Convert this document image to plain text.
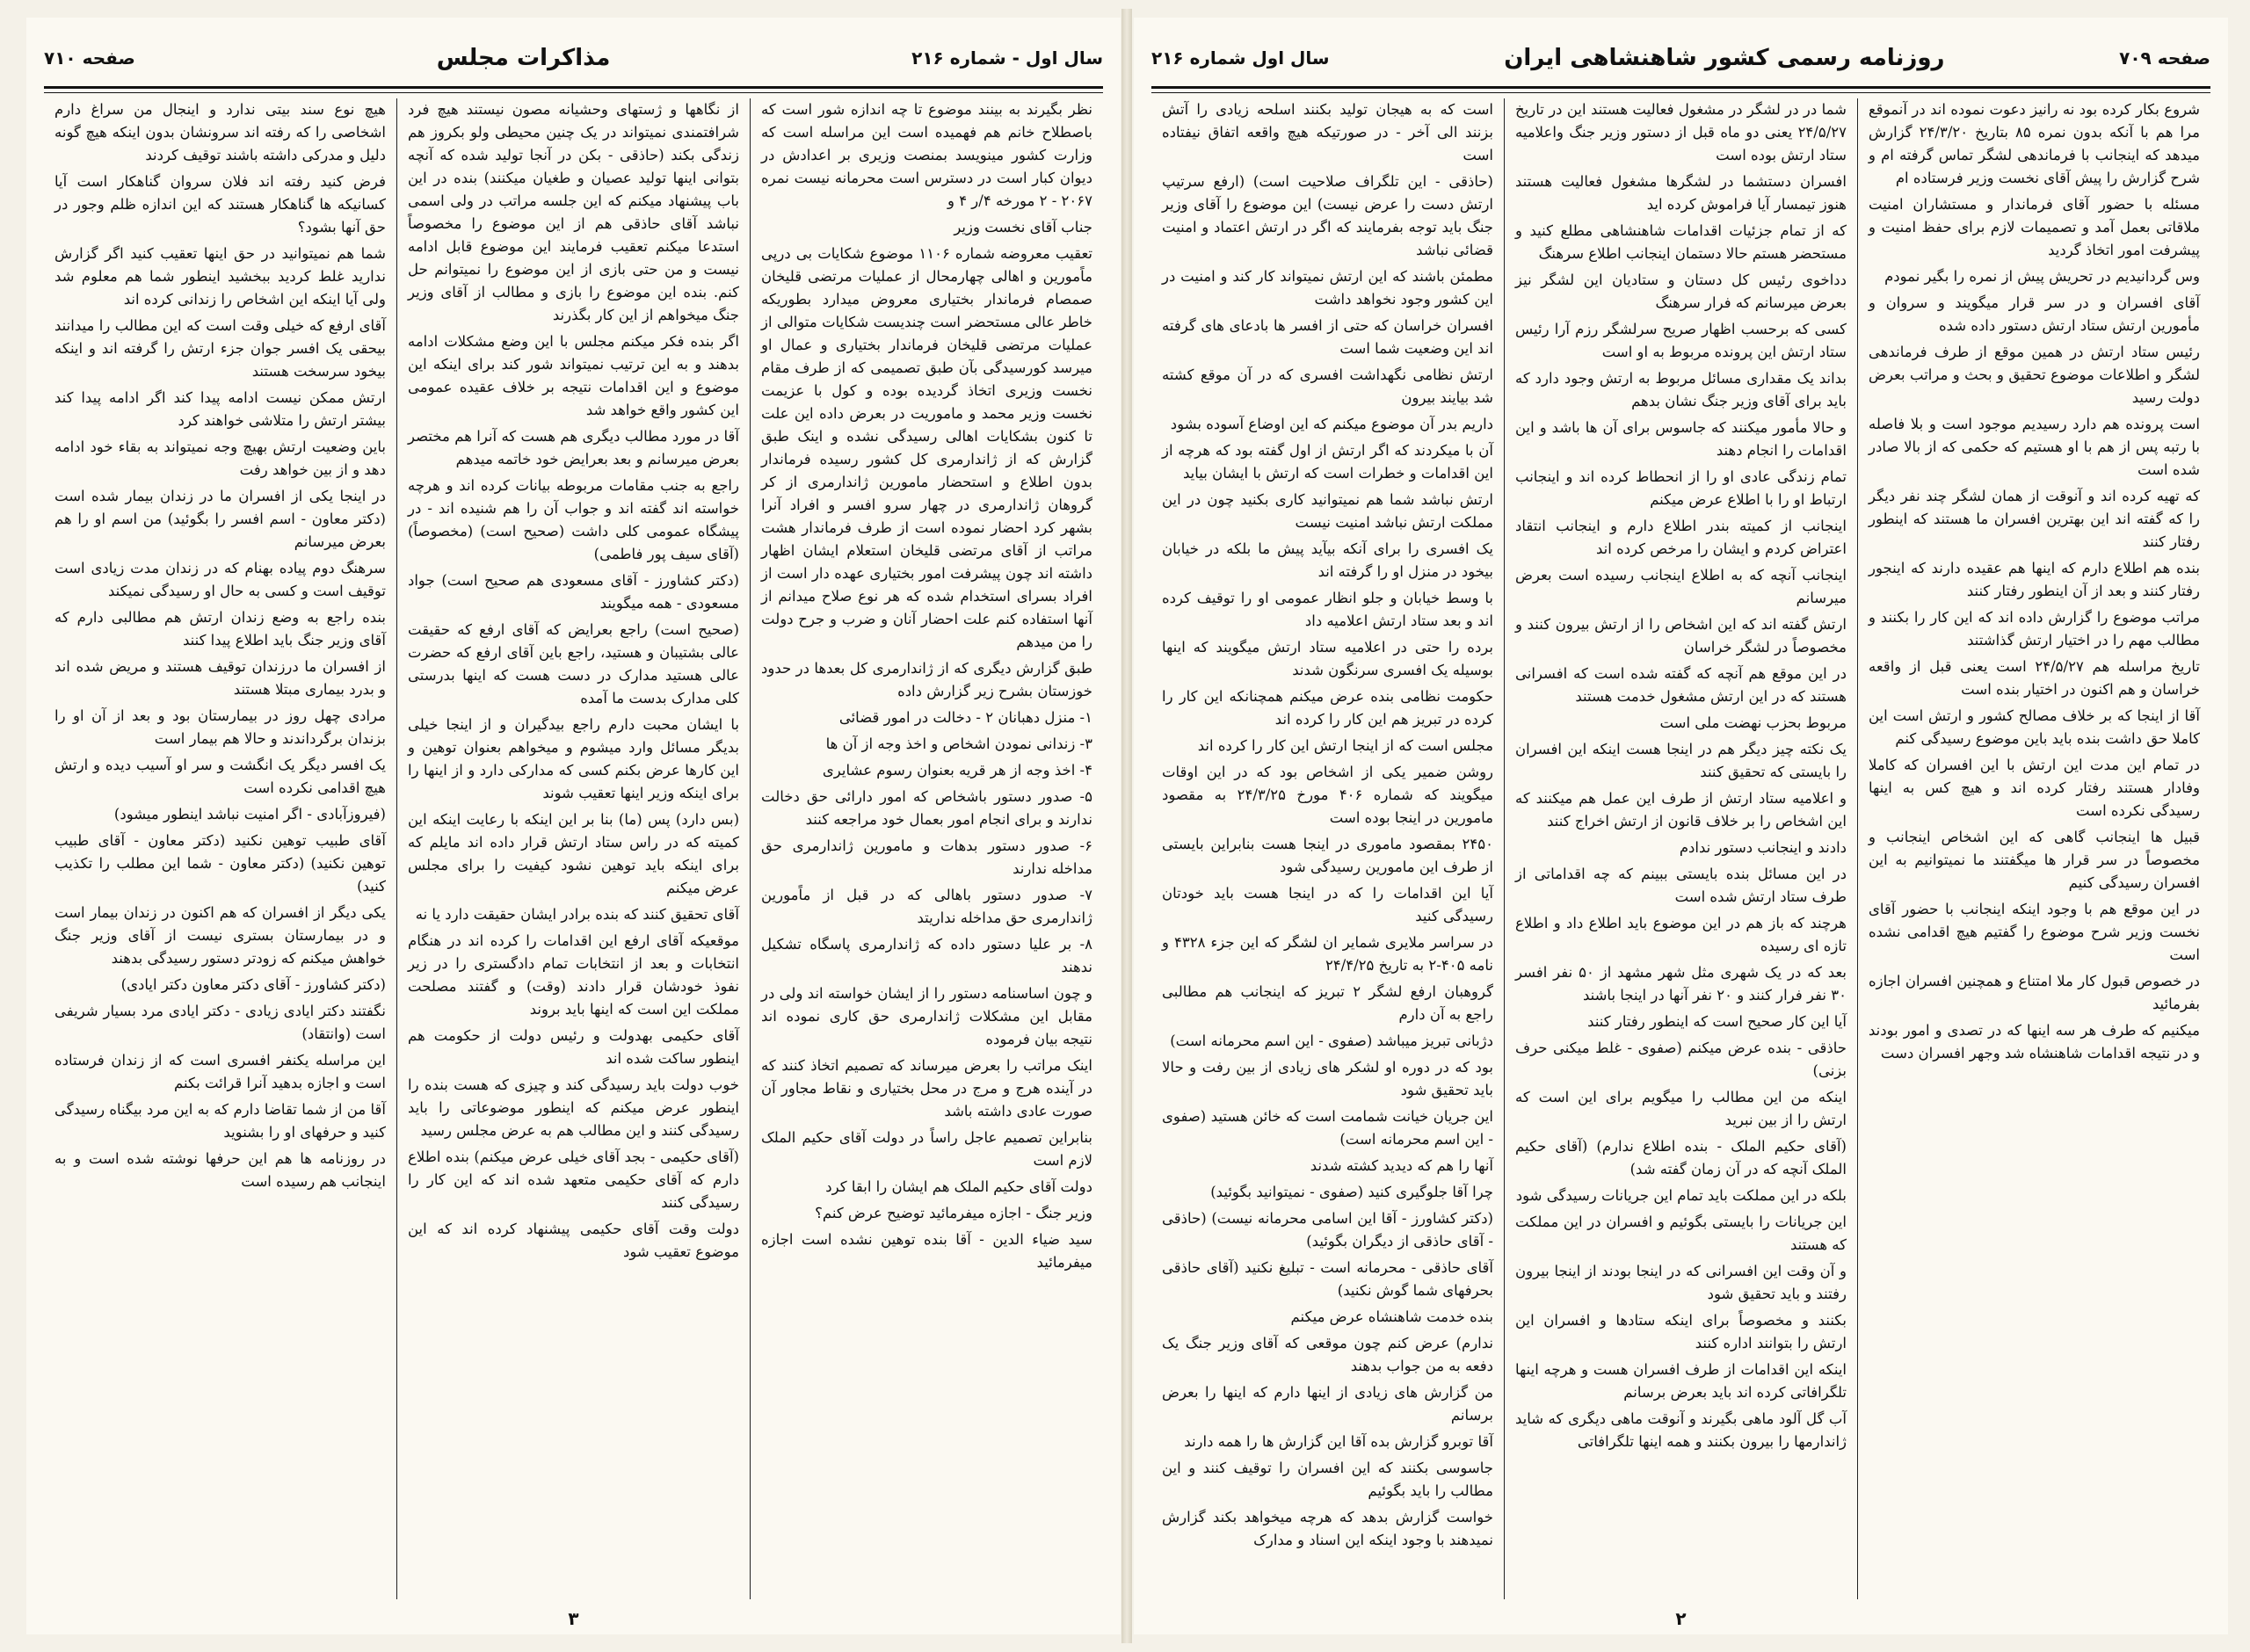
سال اول - شماره ۲۱۶
مذاکرات مجلس
صفحه ۷۱۰

نظر بگیرند به بینند موضوع تا چه اندازه شور است که باصطلاح خانم هم فهمیده است این مراسله است که وزارت کشور مینویسد بمنصت وزیری بر اعدادش در دیوان کبار است در دسترس است محرمانه نیست نمره ۲۰۶۷ - ۲ مورخه ۴/ر ۴ و

جناب آقای نخست وزیر

تعقیب معروضه شماره ۱۱۰۶ موضوع شکایات بی درپی ماًمورین و اهالی چهارمحال از عملیات مرتضی قلیخان صمصام فرماندار بختیاری معروض میدارد بطوریکه خاطر عالی مستحضر است چندیست شکایات متوالی از عملیات مرتضی قلیخان فرماندار بختیاری و عمال او میرسد کورسیدگی بآن طبق تصمیمی که از طرف مقام نخست وزیری اتخاذ گردیده بوده و کول با عزیمت نخست وزیر محمد و ماموریت در بعرض داده این علت تا کنون بشکایات اهالی رسیدگی نشده و اینک طبق گزارش که از ژاندارمری کل کشور رسیده فرماندار بدون اطلاع و استحضار مامورین ژاندارمری از کر گروهان ژاندارمری در چهار سرو افسر و افراد آنرا بشهر کرد احضار نموده است از طرف فرماندار هشت مراتب از آقای مرتضی قلیخان استعلام ایشان اظهار داشته اند چون پیشرفت امور بختیاری عهده دار است از افراد بسرای استخدام شده که هر نوع صلاح میدانم از آنها استفاده کنم علت احضار آنان و ضرب و جرح دولت را من میدهم

طبق گزارش دیگری که از ژاندارمری کل بعدها در حدود خوزستان بشرح زیر گزارش داده

۱- منزل دهبانان ۲ - دخالت در امور قضائی

۳- زندانی نمودن اشخاص و اخذ وجه از آن ها

۴- اخذ وجه از هر قریه بعنوان رسوم عشایری

۵- صدور دستور باشخاص که امور دارائی حق دخالت ندارند و برای انجام امور بعمال خود مراجعه کنند

۶- صدور دستور بدهات و مامورین ژاندارمری حق مداخله ندارند

۷- صدور دستور باهالی که در قبل از ماًمورین ژاندارمری حق مداخله نداریتد

۸- بر علیا دستور داده که ژاندارمری پاسگاه تشکیل ندهند

و چون اساسنامه دستور را از ایشان خواسته اند ولی در مقابل این مشکلات ژاندارمری حق کاری نموده اند نتیجه بیان فرموده

اینک مراتب را بعرض میرساند که تصمیم اتخاذ کنند که در آینده هرج و مرج در محل بختیاری و نقاط مجاور آن صورت عادی داشته باشد

بنابراین تصمیم عاجل راساً در دولت آقای حکیم الملک لازم است

دولت آقای حکیم الملک هم ایشان را ابقا کرد

وزیر جنگ - اجازه میفرمائید توضیح عرض کنم؟

سید ضیاء الدین - آقا بنده توهین نشده است اجازه میفرمائید

از نگاهها و ژستهای وحشیانه مصون نیستند هیچ فرد شرافتمندی نمیتواند در یک چنین محیطی ولو بکروز هم زندگی بکند (حاذقی - بکن در آنجا تولید شده که آنچه بتوانی اینها تولید عصیان و طغیان میکنند) بنده در این باب پیشنهاد میکنم که این جلسه مراتب در ولی اسمی نباشد آقای حاذقی هم از این موضوع را مخصوصاً استدعا میکنم تعقیب فرمایند این موضوع قابل ادامه نیست و من حتی بازی از این موضوع را نمیتوانم حل کنم. بنده این موضوع را بازی و مطالب از آقای وزیر جنگ میخواهم از این کار بگذرند

اگر بنده فکر میکنم مجلس با این وضع مشکلات ادامه بدهند و به این ترتیب نمیتواند شور کند برای اینکه این موضوع و این اقدامات نتیجه بر خلاف عقیده عمومی این کشور واقع خواهد شد

آقا در مورد مطالب دیگری هم هست که آنرا هم مختصر بعرض میرسانم و بعد بعرایض خود خاتمه میدهم

راجع به جنب مقامات مربوطه بیانات کرده اند و هرچه خواسته اند گفته اند و جواب آن را هم شنیده اند - در پیشگاه عمومی کلی داشت (صحیح است) (مخصوصاً) (آقای سیف پور فاطمی)

(دکتر کشاورز - آقای مسعودی هم صحیح است) جواد مسعودی - همه میگویند

(صحیح است) راجع بعرایض که آقای ارفع که حقیقت عالی بشتیبان و هستید، راجع باین آقای ارفع که حضرت عالی هستید مدارک در دست هست که اینها بدرستی کلی مدارک بدست ما آمده

با ایشان محبت دارم راجع بیدگیران و از اینجا خیلی بدیگر مسائل وارد میشوم و میخواهم بعنوان توهین و این کارها عرض بکنم کسی که مدارکی دارد و از اینها را برای اینکه وزیر اینها تعقیب شوند

(بس دارد) پس (ما) بنا بر این اینکه با رعایت اینکه این کمیته که در راس ستاد ارتش قرار داده اند مایلم که برای اینکه باید توهین نشود کیفیت را برای مجلس عرض میکنم

آقای تحقیق کنند که بنده برادر ایشان حقیقت دارد یا نه

موقعیکه آقای ارفع این اقدامات را کرده اند در هنگام انتخابات و بعد از انتخابات تمام دادگستری را در زیر نفوذ خودشان قرار دادند (وقت) و گفتند مصلحت مملکت این است که اینها باید بروند

آقای حکیمی بهدولت و رئیس دولت از حکومت هم اینطور ساکت شده اند

خوب دولت باید رسیدگی کند و چیزی که هست بنده را اینطور عرض میکنم که اینطور موضوعاتی را باید رسیدگی کنند و این مطالب هم به عرض مجلس رسید

(آقای حکیمی - بجد آقای خیلی عرض میکنم) بنده اطلاع دارم که آقای حکیمی متعهد شده اند که این کار را رسیدگی کنند

دولت وقت آقای حکیمی پیشنهاد کرده اند که این موضوع تعقیب شود

هیچ نوع سند بیتی ندارد و اینجال من سراغ دارم اشخاصی را که رفته اند سرونشان بدون اینکه هیچ گونه دلیل و مدرکی داشته باشند توقیف کردند

فرض کنید رفته اند فلان سروان گناهکار است آیا کسانیکه ها گناهکار هستند که این اندازه ظلم وجور در حق آنها بشود؟

شما هم نمیتوانید در حق اینها تعقیب کنید اگر گزارش ندارید غلط کردید ببخشید اینطور شما هم معلوم شد ولی آیا اینکه این اشخاص را زندانی کرده اند

آقای ارفع که خیلی وقت است که این مطالب را میدانند بیحقی یک افسر جوان جزء ارتش را گرفته اند و اینکه بیخود سرسخت هستند

ارتش ممکن نیست ادامه پیدا کند اگر ادامه پیدا کند بیشتر ارتش را متلاشی خواهند کرد

باین وضعیت ارتش بهیچ وجه نمیتواند به بقاء خود ادامه دهد و از بین خواهد رفت

در اینجا یکی از افسران ما در زندان بیمار شده است (دکتر معاون - اسم افسر را بگوئید) من اسم او را هم بعرض میرسانم

سرهنگ دوم پیاده بهنام که در زندان مدت زیادی است توقیف است و کسی به حال او رسیدگی نمیکند

بنده راجع به وضع زندان ارتش هم مطالبی دارم که آقای وزیر جنگ باید اطلاع پیدا کنند

از افسران ما درزندان توقیف هستند و مریض شده اند و بدرد بیماری مبتلا هستند

مرادی چهل روز در بیمارستان بود و بعد از آن او را بزندان برگرداندند و حالا هم بیمار است

یک افسر دیگر یک انگشت و سر او آسیب دیده و ارتش هیچ اقدامی نکرده است

(فیروزآبادی - اگر امنیت نباشد اینطور میشود)

آقای طبیب توهین نکنید (دکتر معاون - آقای طبیب توهین نکنید) (دکتر معاون - شما این مطلب را تکذیب کنید)

یکی دیگر از افسران که هم اکنون در زندان بیمار است و در بیمارستان بستری نیست از آقای وزیر جنگ خواهش میکنم که زودتر دستور رسیدگی بدهند

(دکتر کشاورز - آقای دکتر معاون دکتر ایادی)

نگفتند دکتر ایادی زیادی - دکتر ایادی مرد بسیار شریفی است (وانتقاد)

این مراسله یکنفر افسری است که از زندان فرستاده است و اجازه بدهید آنرا قرائت بکنم

آقا من از شما تقاضا دارم که به این مرد بیگناه رسیدگی کنید و حرفهای او را بشنوید

در روزنامه ها هم این حرفها نوشته شده است و به اینجانب هم رسیده است

۳
صفحه ۷۰۹
روزنامه رسمی کشور شاهنشاهی ایران
سال اول شماره ۲۱۶

شروع بکار کرده بود نه رانیز دعوت نموده اند در آنموقع مرا هم با آنکه بدون نمره ۸۵ بتاریخ ۲۴/۳/۲۰ گزارش میدهد که اینجانب با فرماندهی لشگر تماس گرفته ام و شرح گزارش را پیش آقای نخست وزیر فرستاده ام

مسئله با حضور آقای فرماندار و مستشاران امنیت ملاقاتی بعمل آمد و تصمیمات لازم برای حفظ امنیت و پیشرفت امور اتخاذ گردید

وس گردانیدیم در تحریش پیش از نمره را بگیر نمودم

آقای افسران و در سر قرار میگویند و سروان و مأمورین ارتش ستاد ارتش دستور داده شده

رئیس ستاد ارتش در همین موقع از طرف فرماندهی لشگر و اطلاعات موضوع تحقیق و بحث و مراتب بعرض دولت رسید

است پرونده هم دارد رسیدیم موجود است و بلا فاصله با رتبه پس از هم با او هستیم که حکمی که از بالا صادر شده است

که تهیه کرده اند و آنوقت از همان لشگر چند نفر دیگر را که گفته اند این بهترین افسران ما هستند که اینطور رفتار کنند

بنده هم اطلاع دارم که اینها هم عقیده دارند که اینجور رفتار کنند و بعد از آن اینطور رفتار کنند

مراتب موضوع را گزارش داده اند که این کار را بکنند و مطالب مهم را در اختیار ارتش گذاشتند

تاریخ مراسله هم ۲۴/۵/۲۷ است یعنی قبل از واقعه خراسان و هم اکنون در اختیار بنده است

آقا از اینجا که بر خلاف مصالح کشور و ارتش است این کاملا حق داشت بنده باید باین موضوع رسیدگی کنم

در تمام این مدت این ارتش با این افسران که کاملا وفادار هستند رفتار کرده اند و هیچ کس به اینها رسیدگی نکرده است

قبیل ها اینجانب گاهی که این اشخاص اینجانب و مخصوصاً در سر قرار ها میگفتند ما نمیتوانیم به این افسران رسیدگی کنیم

در این موقع هم با وجود اینکه اینجانب با حضور آقای نخست وزیر شرح موضوع را گفتیم هیچ اقدامی نشده است

در خصوص قبول کار ملا امتناع و همچنین افسران اجازه بفرمائید

میکنیم که طرف هر سه اینها که در تصدی و امور بودند و در نتیجه اقدامات شاهنشاه شد وجهر افسران دست

شما در در لشگر در مشغول فعالیت هستند این در تاریخ ۲۴/۵/۲۷ یعنی دو ماه قبل از دستور وزیر جنگ واعلامیه ستاد ارتش بوده است

افسران دستشما در لشگرها مشغول فعالیت هستند هنوز تیمسار آیا فراموش کرده اید

که از تمام جزئیات اقدامات شاهنشاهی مطلع کنید و مستحضر هستم حالا دستمان اینجانب اطلاع سرهنگ

دداخوی رئیس کل دستان و ستادیان این لشگر نیز بعرض میرسانم که فرار سرهنگ

کسی که برحسب اظهار صریح سرلشگر رزم آرا رئیس ستاد ارتش این پرونده مربوط به او است

بداند یک مقداری مسائل مربوط به ارتش وجود دارد که باید برای آقای وزیر جنگ نشان بدهم

و حالا مأمور میکنند که جاسوس برای آن ها باشد و این اقدامات را انجام دهند

تمام زندگی عادی او را از انحطاط کرده اند و اینجانب ارتباط او را با اطلاع عرض میکنم

اینجانب از کمیته بندر اطلاع دارم و اینجانب انتقاد اعتراض کردم و ایشان را مرخص کرده اند

اینجانب آنچه که به اطلاع اینجانب رسیده است بعرض میرسانم

ارتش گفته اند که این اشخاص را از ارتش بیرون کنند و مخصوصاً در لشگر خراسان

در این موقع هم آنچه که گفته شده است که افسرانی هستند که در این ارتش مشغول خدمت هستند

مربوط بحزب نهضت ملی است

یک نکته چیز دیگر هم در اینجا هست اینکه این افسران را بایستی که تحقیق کنند

و اعلامیه ستاد ارتش از طرف این عمل هم میکنند که این اشخاص را بر خلاف قانون از ارتش اخراج کنند

دادند و اینجانب دستور ندادم

در این مسائل بنده بایستی ببینم که چه اقداماتی از طرف ستاد ارتش شده است

هرچند که باز هم در این موضوع باید اطلاع داد و اطلاع تازه ای رسیده

بعد که در یک شهری مثل شهر مشهد از ۵۰ نفر افسر ۳۰ نفر فرار کنند و ۲۰ نفر آنها در اینجا باشند

آیا این کار صحیح است که اینطور رفتار کنند

حاذقی - بنده عرض میکنم (صفوی - غلط میکنی حرف بزنی)

اینکه من این مطالب را میگویم برای این است که ارتش را از بین نبرید

(آقای حکیم الملک - بنده اطلاع ندارم) (آقای حکیم الملک آنچه که در آن زمان گفته شد)

بلکه در این مملکت باید تمام این جریانات رسیدگی شود

این جریانات را بایستی بگوئیم و افسران در این مملکت که هستند

و آن وقت این افسرانی که در اینجا بودند از اینجا بیرون رفتند و باید تحقیق شود

بکنند و مخصوصاً برای اینکه ستادها و افسران این ارتش را بتوانند اداره کنند

اینکه این اقدامات از طرف افسران هست و هرچه اینها تلگرافاتی کرده اند باید بعرض برسانم

آب گل آلود ماهی بگیرند و آنوقت ماهی دیگری که شاید ژاندارمها را بیرون بکنند و همه اینها تلگرافاتی

است که به هیجان تولید بکنند اسلحه زیادی را آتش بزنند الی آخر - در صورتیکه هیچ واقعه اتفاق نیفتاده است

(حاذقی - این تلگراف صلاحیت است) (ارفع سرتیپ ارتش دست را عرض نیست) این موضوع را آقای وزیر جنگ باید توجه بفرمایند که اگر در ارتش اعتماد و امنیت قضائی نباشد

مطمئن باشند که این ارتش نمیتواند کار کند و امنیت در این کشور وجود نخواهد داشت

افسران خراسان که حتی از افسر ها بادعای های گرفته اند این وضعیت شما است

ارتش نظامی نگهداشت افسری که در آن موقع کشته شد بیایند بیرون

داریم بدر آن موضوع میکنم که این اوضاع آسوده بشود

آن با میکردند که اگر ارتش از اول گفته بود که هرچه از این اقدامات و خطرات است که ارتش با ایشان بیاید

ارتش نباشد شما هم نمیتوانید کاری بکنید چون در این مملکت ارتش نباشد امنیت نیست

یک افسری را برای آنکه بیآید پیش ما بلکه در خیابان بیخود در منزل او را گرفته اند

با وسط خیابان و جلو انظار عمومی او را توقیف کرده اند و بعد ستاد ارتش اعلامیه داد

برده را حتی در اعلامیه ستاد ارتش میگویند که اینها بوسیله یک افسری سرنگون شدند

حکومت نظامی بنده عرض میکنم همچنانکه این کار را کرده در تبریز هم این کار را کرده اند

مجلس است که از اینجا ارتش این کار را کرده اند

روشن ضمیر یکی از اشخاص بود که در این اوقات میگویند که شماره ۴۰۶ مورخ ۲۴/۳/۲۵ به مقصود مامورین در اینجا بوده است

۲۴۵۰ بمقصود ماموری در اینجا هست بنابراین بایستی از طرف این مامورین رسیدگی شود

آیا این اقدامات را که در اینجا هست باید خودتان رسیدگی کنید

در سراسر ملایری شمایر ان لشگر که این جزء ۴۳۲۸ و نامه ۴۰۵-۲ به تاریخ ۲۴/۴/۲۵

گروهبان ارفع لشگر ۲ تبریز که اینجانب هم مطالبی راجع به آن دارم

دژبانی تبریز میباشد (صفوی - این اسم محرمانه است)

بود که در دوره او لشکر های زیادی از بین رفت و حالا باید تحقیق شود

این جریان خیانت شمامت است که خائن هستید (صفوی - این اسم محرمانه است)

آنها را هم که دیدید کشته شدند

چرا آقا جلوگیری کنید (صفوی - نمیتوانید بگوئید)

(دکتر کشاورز - آقا این اسامی محرمانه نیست) (حاذقی - آقای حاذقی از دیگران بگوئید)

آقای حاذقی - محرمانه است - تبلیغ نکنید (آقای حاذقی بحرفهای شما گوش نکنید)

بنده خدمت شاهنشاه عرض میکنم

ندارم) عرض کنم چون موقعی که آقای وزیر جنگ یک دفعه به من جواب بدهند

من گزارش های زیادی از اینها دارم که اینها را بعرض برسانم

آقا توبرو گزارش بده آقا این گزارش ها را همه دارند

جاسوسی بکنند که این افسران را توقیف کنند و این مطالب را باید بگوئیم

خواست گزارش بدهد که هرچه میخواهد بکند گزارش نمیدهند با وجود اینکه این اسناد و مدارک

۲
